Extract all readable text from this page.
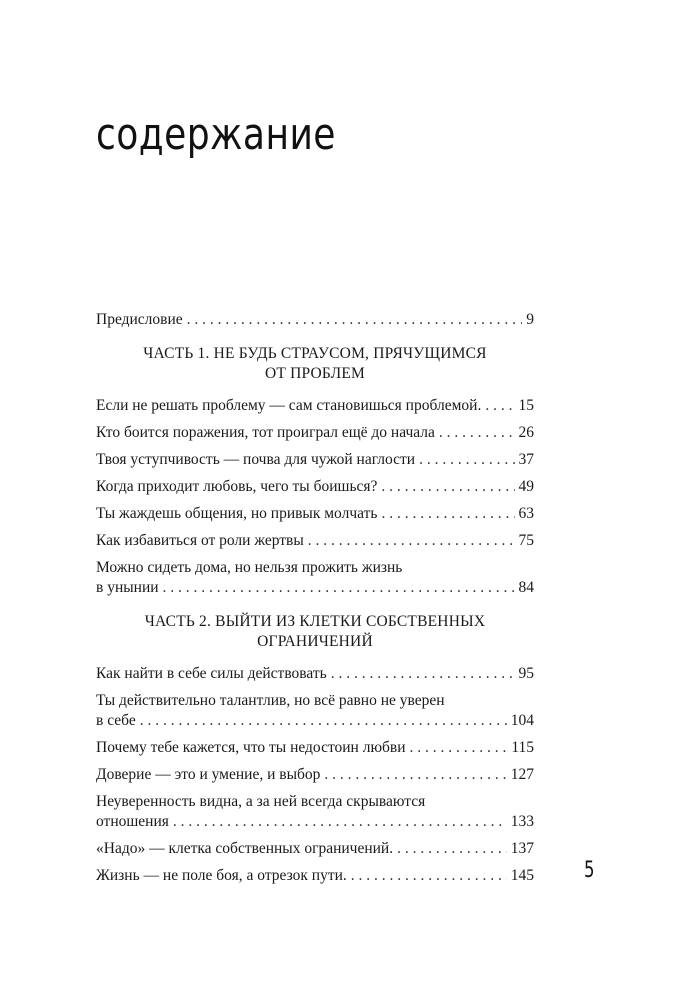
содержание
Предисловие . . .	9
ЧАСТЬ 1. НЕ БУДЬ СТРАУСОМ, ПРЯЧУЩИМСЯ
ОТ ПРОБЛЕМ
Если не решать проблему — сам становишься проблемой. . . . 15
Кто боится поражения, тот проиграл ещё до начала . . .	26
Твоя уступчивость — почва для чужой наглости . . .	37
Когда приходит любовь, чего ты боишься? . . .	49
Ты жаждешь общения, но привык молчать . . .	63
Как избавиться от роли жертвы . . .	75
Можно сидеть дома, но нельзя прожить жизнь
в унынии . . .	84
ЧАСТЬ 2. ВЫЙТИ ИЗ КЛЕТКИ СОБСТВЕННЫХ
ОГРАНИЧЕНИЙ
Как найти в себе силы действовать . . .	95
Ты действительно талантлив, но всё равно не уверен
в себе . . .	104
Почему тебе кажется, что ты недостоин любви . . .	115
Доверие — это и умение, и выбор . . .	127
Неуверенность видна, а за ней всегда скрываются
отношения . . .	133
«Надо» — клетка собственных ограничений. . . .	137
Жизнь — не поле боя, а отрезок пути. . . .	145 5
